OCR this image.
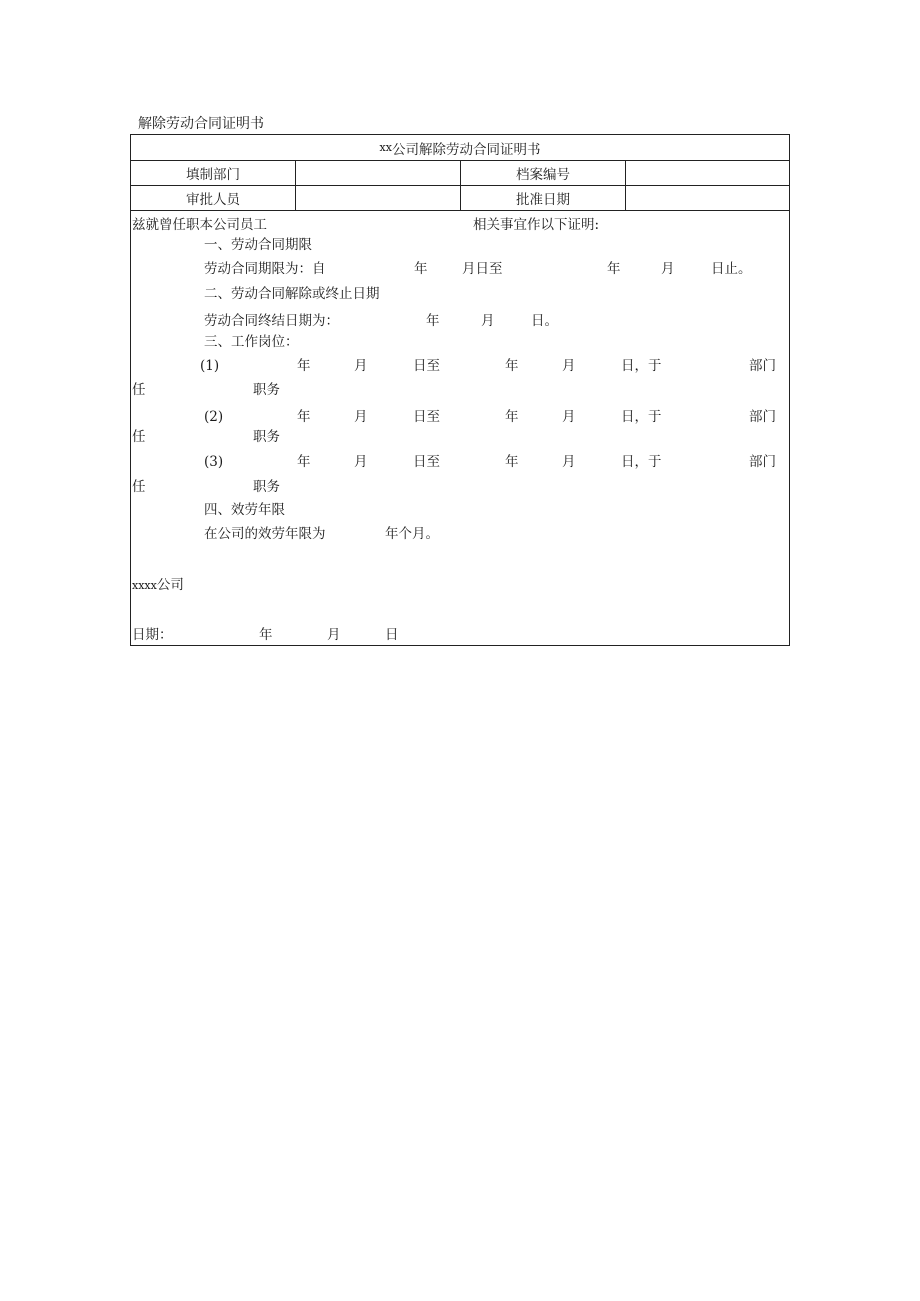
解除劳动合同证明书
xx 公司解除劳动合同证明书
填制部门	档案编号
审批人员	批准日期
兹就曾任职本公司员工	相关事宜作以下证明:
一、劳动合同期限
劳动合同期限为：自	年	月日至	年	月	日止。
二、劳动合同解除或终止日期
劳动合同终结日期为：	年	月	日。
三、工作岗位：
(1)	年	月	日至	年	月	日，于	部门
任	职务
(2)	年	月	日至	年	月	日，于	部门
任	职务
(3)	年	月	日至	年	月	日，于	部门
任	职务
四、效劳年限
在公司的效劳年限为	年个月。
xxxx公司
日期：	年	月	日
